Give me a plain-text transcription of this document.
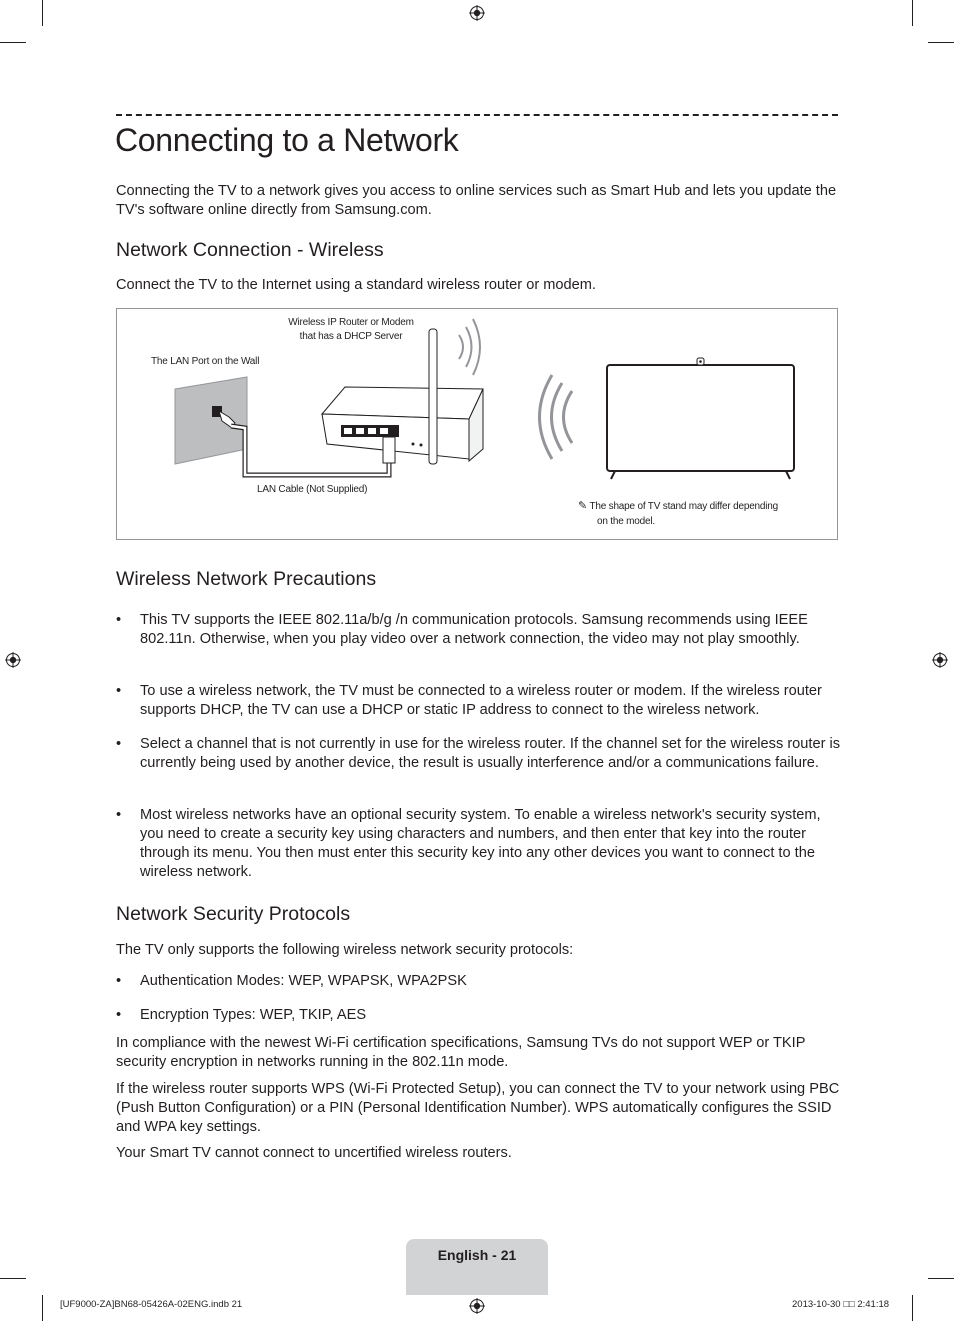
Connecting to a Network

Connecting the TV to a network gives you access to online services such as Smart Hub and lets you update the TV's software online directly from Samsung.com.

Network Connection - Wireless

Connect the TV to the Internet using a standard wireless router or modem.

Wireless IP Router or Modem
that has a DHCP Server
The LAN Port on the Wall
LAN Cable (Not Supplied)
✎ The shape of TV stand may differ depending
on the model.
Wireless Network Precautions
•	This TV supports the IEEE 802.11a/b/g /n communication protocols. Samsung recommends using IEEE 802.11n. Otherwise, when you play video over a network connection, the video may not play smoothly.
•	To use a wireless network, the TV must be connected to a wireless router or modem. If the wireless router supports DHCP, the TV can use a DHCP or static IP address to connect to the wireless network.
•	Select a channel that is not currently in use for the wireless router. If the channel set for the wireless router is currently being used by another device, the result is usually interference and/or a communications failure.
•	Most wireless networks have an optional security system. To enable a wireless network's security system, you need to create a security key using characters and numbers, and then enter that key into the router through its menu. You then must enter this security key into any other devices you want to connect to the wireless network.
Network Security Protocols

The TV only supports the following wireless network security protocols:

•	Authentication Modes: WEP, WPAPSK, WPA2PSK
•	Encryption Types: WEP, TKIP, AES

In compliance with the newest Wi-Fi certification specifications, Samsung TVs do not support WEP or TKIP security encryption in networks running in the 802.11n mode.

If the wireless router supports WPS (Wi-Fi Protected Setup), you can connect the TV to your network using PBC (Push Button Configuration) or a PIN (Personal Identification Number). WPS automatically configures the SSID and WPA key settings.

Your Smart TV cannot connect to uncertified wireless routers.

English - 21
[UF9000-ZA]BN68-05426A-02ENG.indb 21	2013-10-30 □□ 2:41:18
